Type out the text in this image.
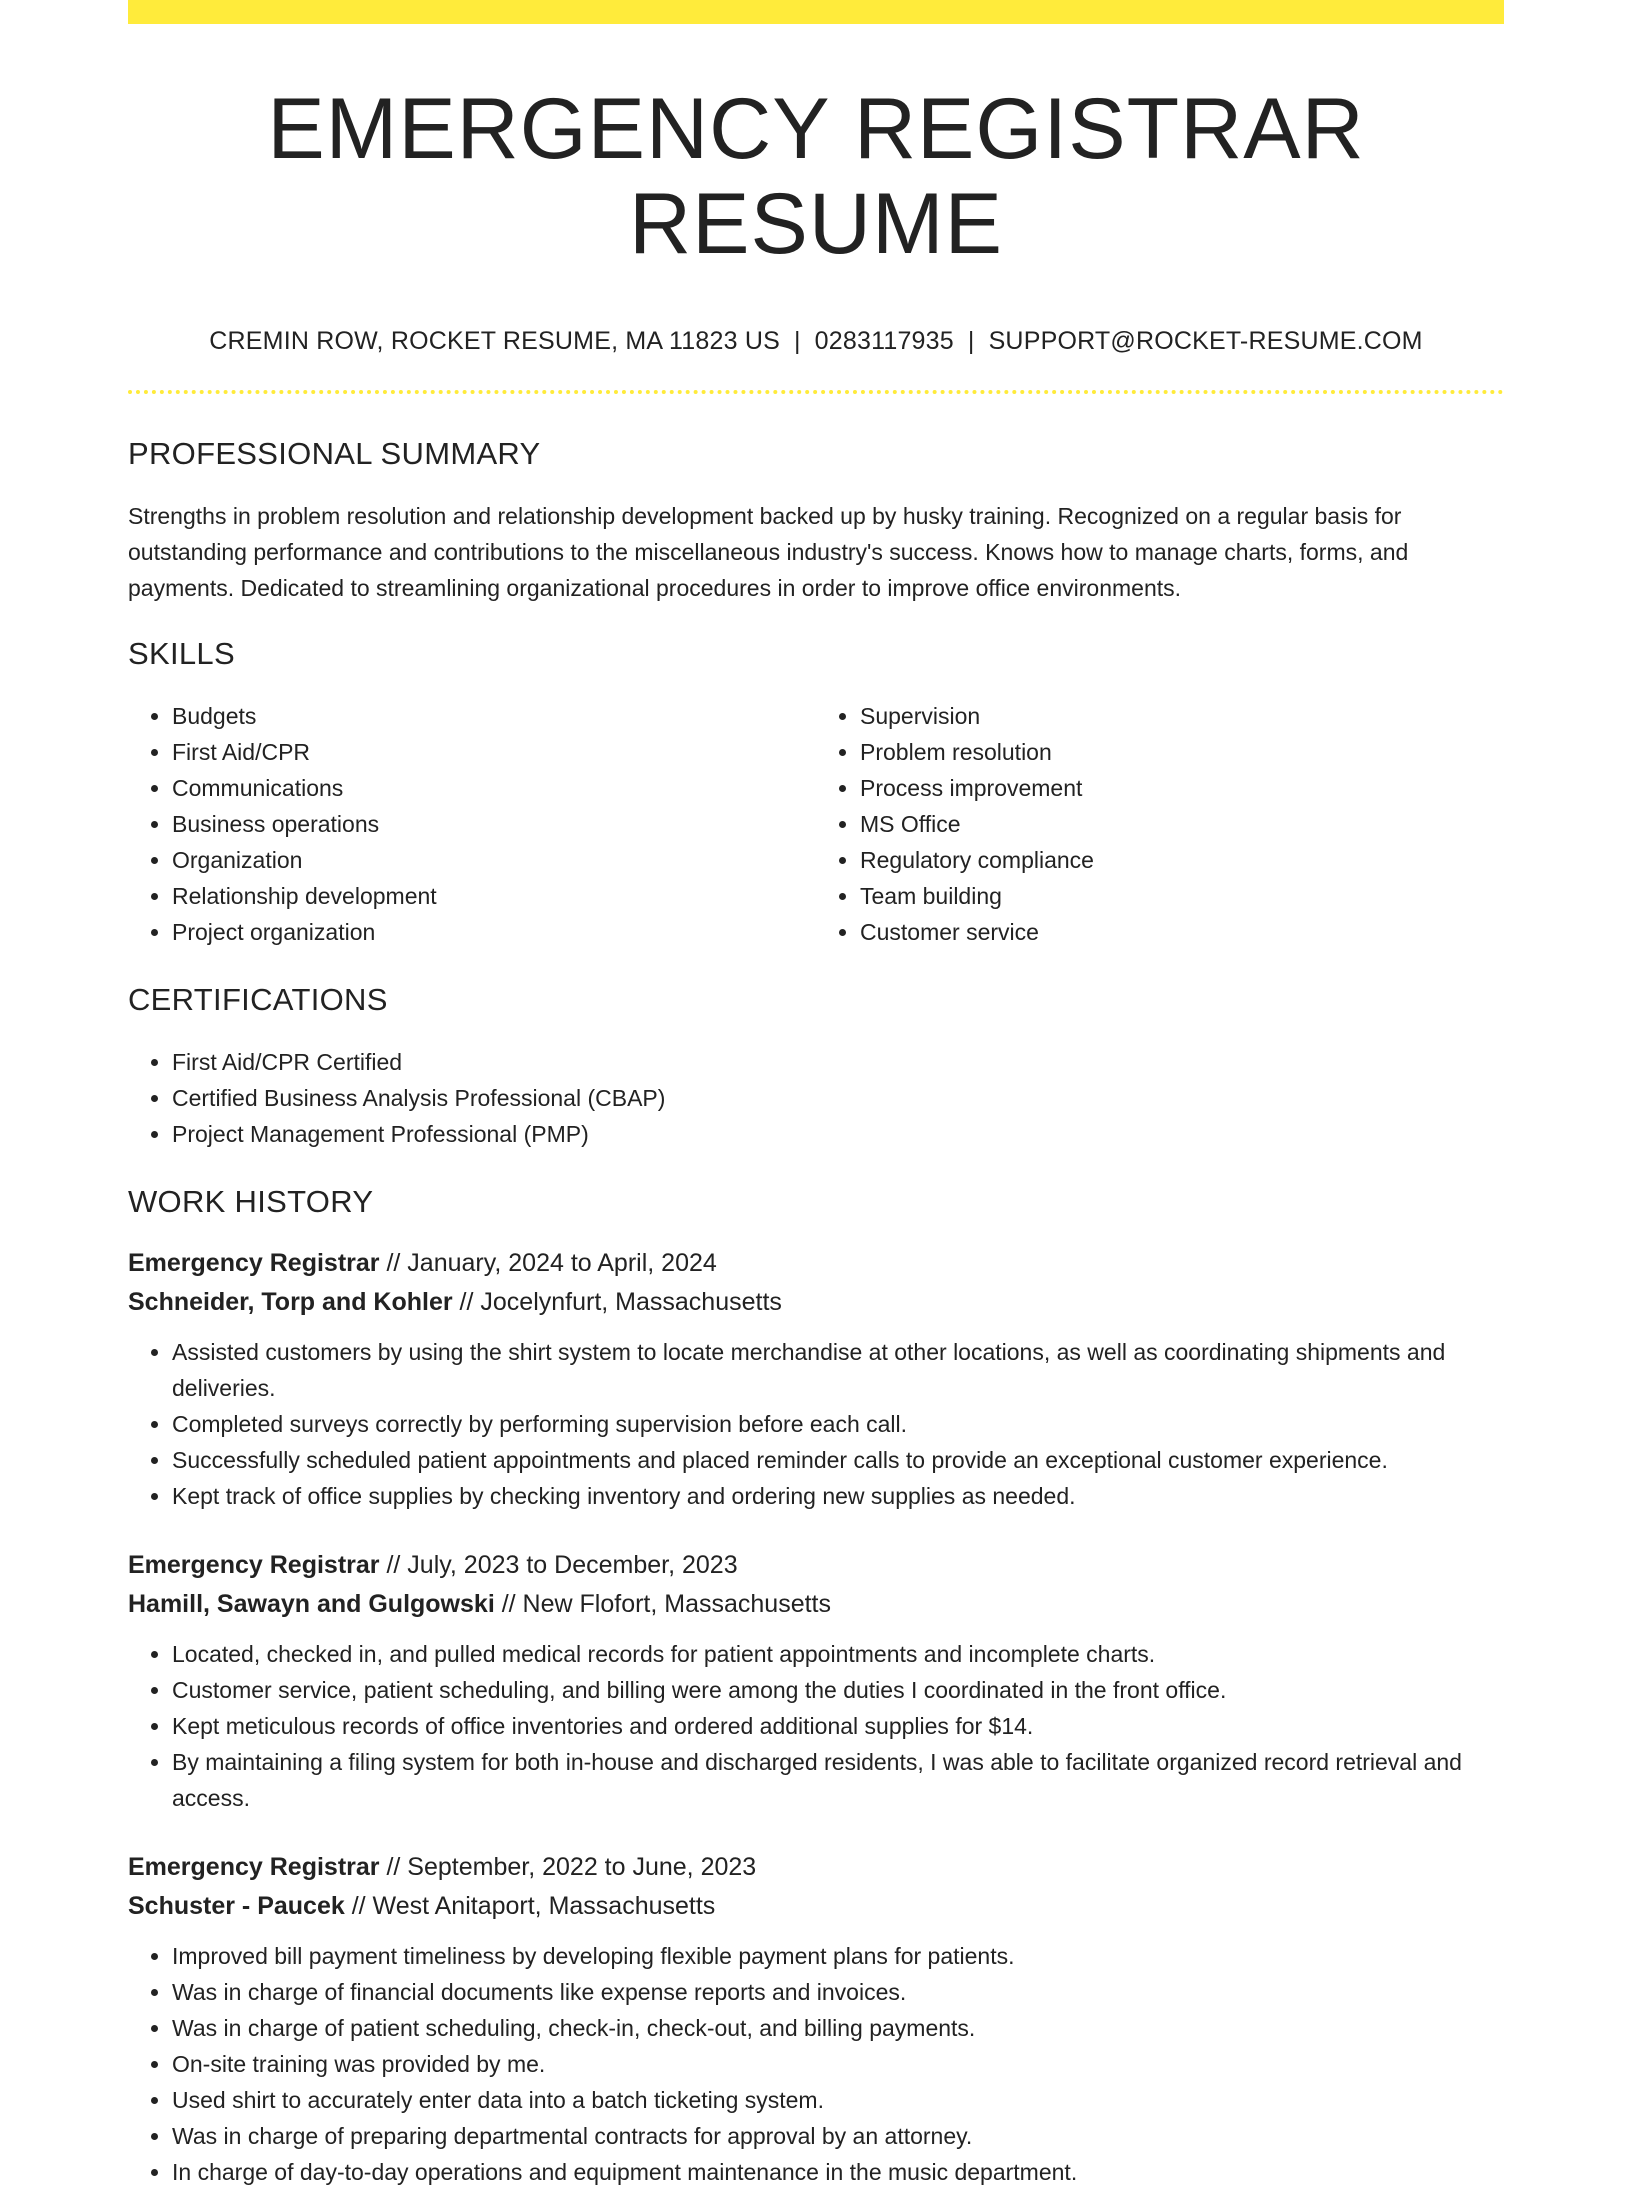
EMERGENCY REGISTRAR RESUME
CREMIN ROW, ROCKET RESUME, MA 11823 US | 0283117935 | SUPPORT@ROCKET-RESUME.COM
PROFESSIONAL SUMMARY

Strengths in problem resolution and relationship development backed up by husky training. Recognized on a regular basis for outstanding performance and contributions to the miscellaneous industry's success. Knows how to manage charts, forms, and payments. Dedicated to streamlining organizational procedures in order to improve office environments.

SKILLS
• Budgets
• First Aid/CPR
• Communications
• Business operations
• Organization
• Relationship development
• Project organization
• Supervision
• Problem resolution
• Process improvement
• MS Office
• Regulatory compliance
• Team building
• Customer service
CERTIFICATIONS
• First Aid/CPR Certified
• Certified Business Analysis Professional (CBAP)
• Project Management Professional (PMP)
WORK HISTORY
Emergency Registrar // January, 2024 to April, 2024
Schneider, Torp and Kohler // Jocelynfurt, Massachusetts
• Assisted customers by using the shirt system to locate merchandise at other locations, as well as coordinating shipments and deliveries.
• Completed surveys correctly by performing supervision before each call.
• Successfully scheduled patient appointments and placed reminder calls to provide an exceptional customer experience.
• Kept track of office supplies by checking inventory and ordering new supplies as needed.
Emergency Registrar // July, 2023 to December, 2023
Hamill, Sawayn and Gulgowski // New Flofort, Massachusetts
• Located, checked in, and pulled medical records for patient appointments and incomplete charts.
• Customer service, patient scheduling, and billing were among the duties I coordinated in the front office.
• Kept meticulous records of office inventories and ordered additional supplies for $14.
• By maintaining a filing system for both in-house and discharged residents, I was able to facilitate organized record retrieval and access.
Emergency Registrar // September, 2022 to June, 2023
Schuster - Paucek // West Anitaport, Massachusetts
• Improved bill payment timeliness by developing flexible payment plans for patients.
• Was in charge of financial documents like expense reports and invoices.
• Was in charge of patient scheduling, check-in, check-out, and billing payments.
• On-site training was provided by me.
• Used shirt to accurately enter data into a batch ticketing system.
• Was in charge of preparing departmental contracts for approval by an attorney.
• In charge of day-to-day operations and equipment maintenance in the music department.
